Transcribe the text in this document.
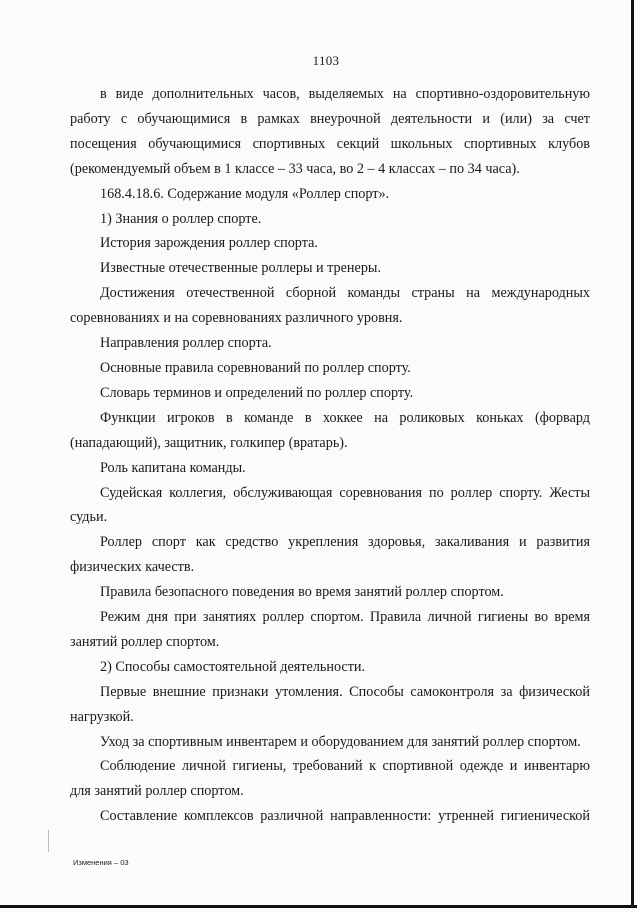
1103

в виде дополнительных часов, выделяемых на спортивно-оздоровительную работу с обучающимися в рамках внеурочной деятельности и (или) за счет посещения обучающимися спортивных секций школьных спортивных клубов (рекомендуемый объем в 1 классе – 33 часа, во 2 – 4 классах – по 34 часа).

168.4.18.6. Содержание модуля «Роллер спорт».

1) Знания о роллер спорте.

История зарождения роллер спорта.

Известные отечественные роллеры и тренеры.

Достижения отечественной сборной команды страны на международных соревнованиях и на соревнованиях различного уровня.

Направления роллер спорта.

Основные правила соревнований по роллер спорту.

Словарь терминов и определений по роллер спорту.

Функции игроков в команде в хоккее на роликовых коньках (форвард (нападающий), защитник, голкипер (вратарь).

Роль капитана команды.

Судейская коллегия, обслуживающая соревнования по роллер спорту. Жесты судьи.

Роллер спорт как средство укрепления здоровья, закаливания и развития физических качеств.

Правила безопасного поведения во время занятий роллер спортом.

Режим дня при занятиях роллер спортом. Правила личной гигиены во время занятий роллер спортом.

2) Способы самостоятельной деятельности.

Первые внешние признаки утомления. Способы самоконтроля за физической нагрузкой.

Уход за спортивным инвентарем и оборудованием для занятий роллер спортом.

Соблюдение личной гигиены, требований к спортивной одежде и инвентарю для занятий роллер спортом.

Составление комплексов различной направленности: утренней гигиенической

Изменения – 03
